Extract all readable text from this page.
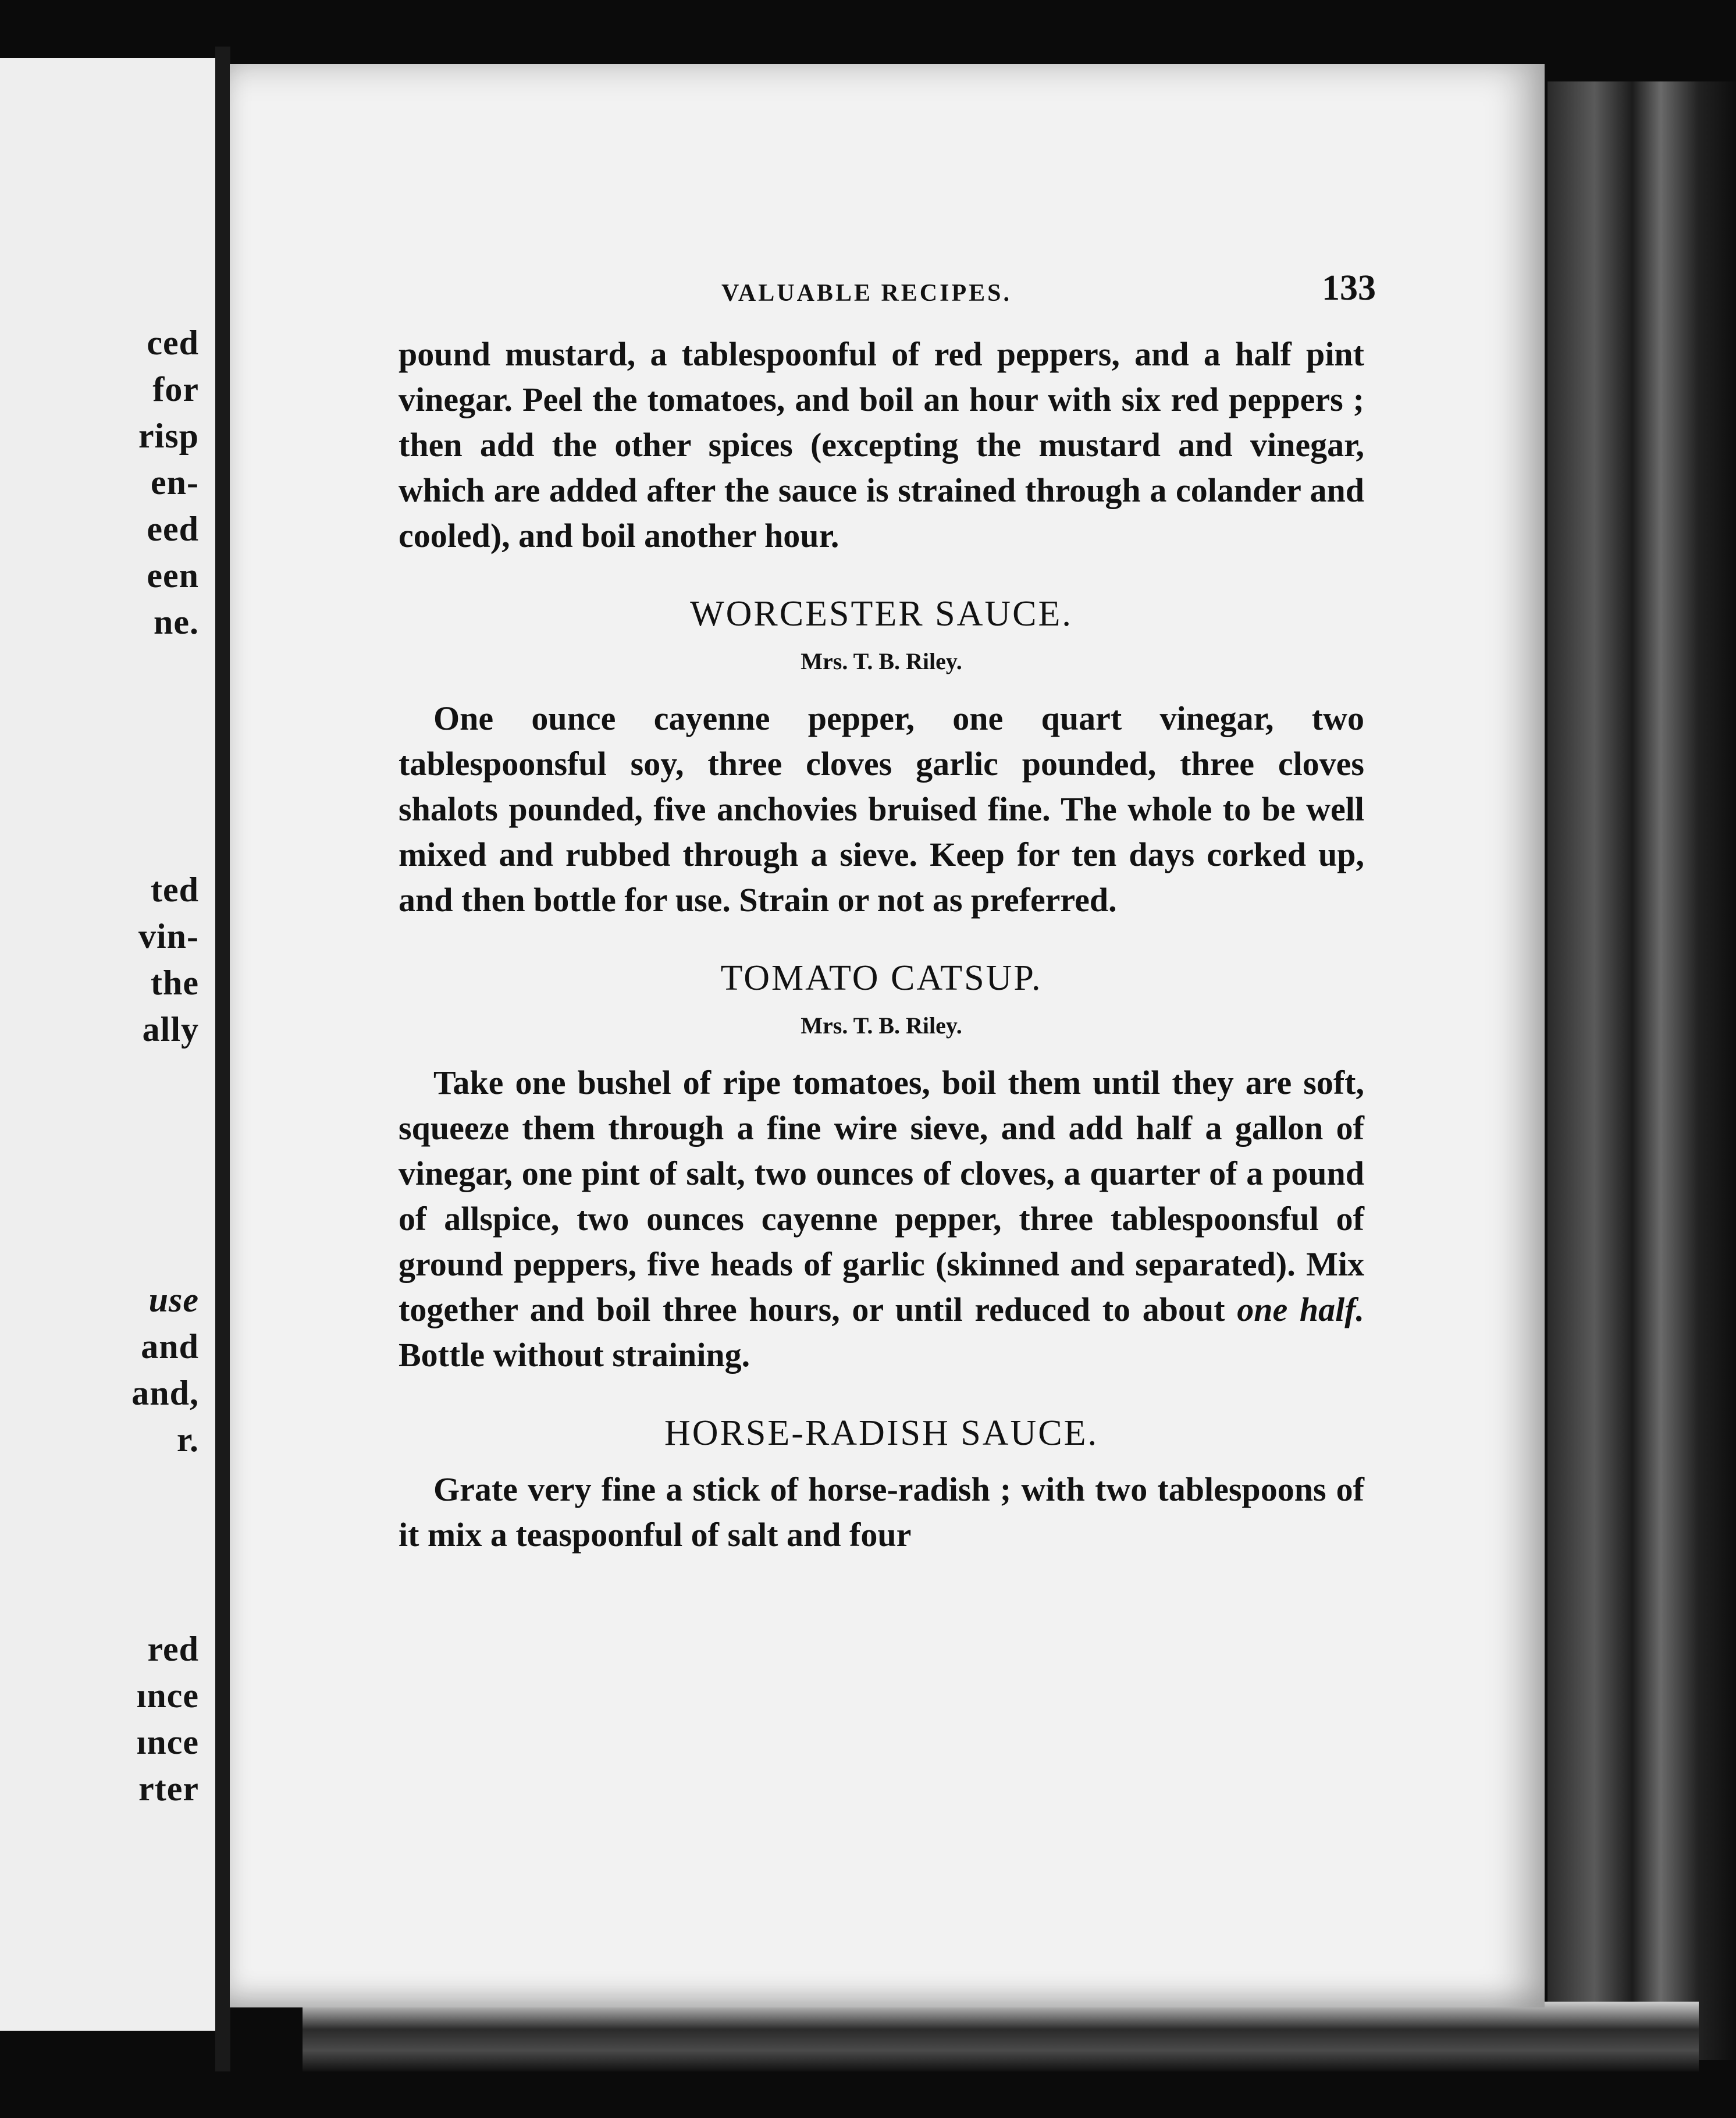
ced
for
risp
en-
eed
een
ne.
ted
vin-
the
ally
use
and
and,
r.
red
ınce
ınce
rter
VALUABLE RECIPES.	133

pound mustard, a tablespoonful of red peppers, and a half pint vinegar. Peel the tomatoes, and boil an hour with six red peppers ; then add the other spices (excepting the mustard and vinegar, which are added after the sauce is strained through a colander and cooled), and boil another hour.

WORCESTER SAUCE.
Mrs. T. B. Riley.

One ounce cayenne pepper, one quart vinegar, two tablespoonsful soy, three cloves garlic pounded, three cloves shalots pounded, five anchovies bruised fine. The whole to be well mixed and rubbed through a sieve. Keep for ten days corked up, and then bottle for use. Strain or not as preferred.

TOMATO CATSUP.
Mrs. T. B. Riley.

Take one bushel of ripe tomatoes, boil them until they are soft, squeeze them through a fine wire sieve, and add half a gallon of vinegar, one pint of salt, two ounces of cloves, a quarter of a pound of allspice, two ounces cayenne pepper, three tablespoonsful of ground peppers, five heads of garlic (skinned and separated). Mix together and boil three hours, or until reduced to about one half. Bottle without straining.

HORSE-RADISH SAUCE.

Grate very fine a stick of horse-radish ; with two tablespoons of it mix a teaspoonful of salt and four
